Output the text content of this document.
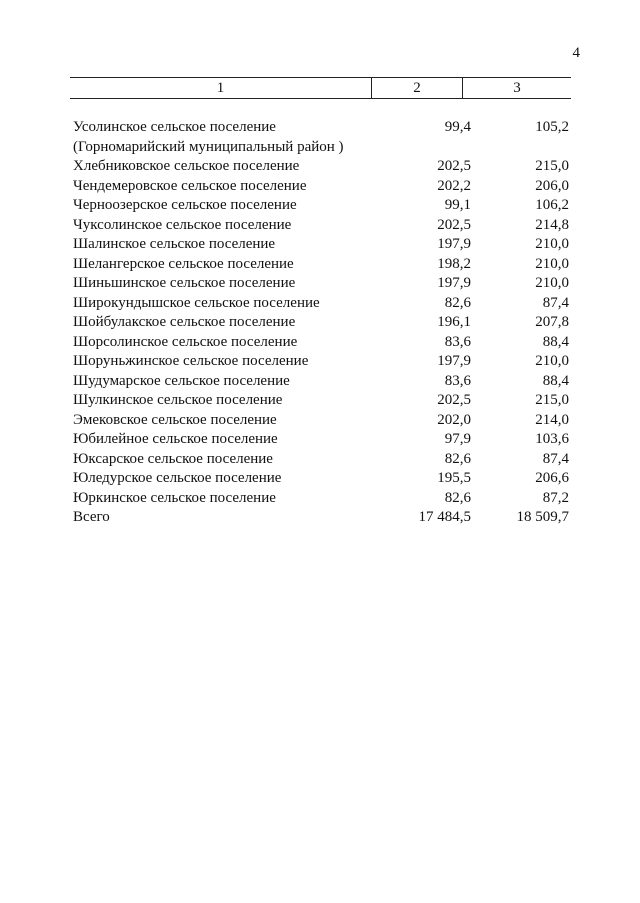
4
1	2	3
Усолинское сельское поселение	99,4	105,2
(Горномарийский муниципальный район )
Хлебниковское сельское поселение	202,5	215,0
Чендемеровское сельское поселение	202,2	206,0
Черноозерское сельское поселение	99,1	106,2
Чуксолинское сельское поселение	202,5	214,8
Шалинское сельское поселение	197,9	210,0
Шелангерское сельское поселение	198,2	210,0
Шиньшинское сельское поселение	197,9	210,0
Широкундышское сельское поселение	82,6	87,4
Шойбулакское сельское поселение	196,1	207,8
Шорсолинское сельское поселение	83,6	88,4
Шоруньжинское сельское поселение	197,9	210,0
Шудумарское сельское поселение	83,6	88,4
Шулкинское сельское поселение	202,5	215,0
Эмековское сельское поселение	202,0	214,0
Юбилейное сельское поселение	97,9	103,6
Юксарское сельское поселение	82,6	87,4
Юледурское сельское поселение	195,5	206,6
Юркинское сельское поселение	82,6	87,2
Всего	17 484,5	18 509,7
